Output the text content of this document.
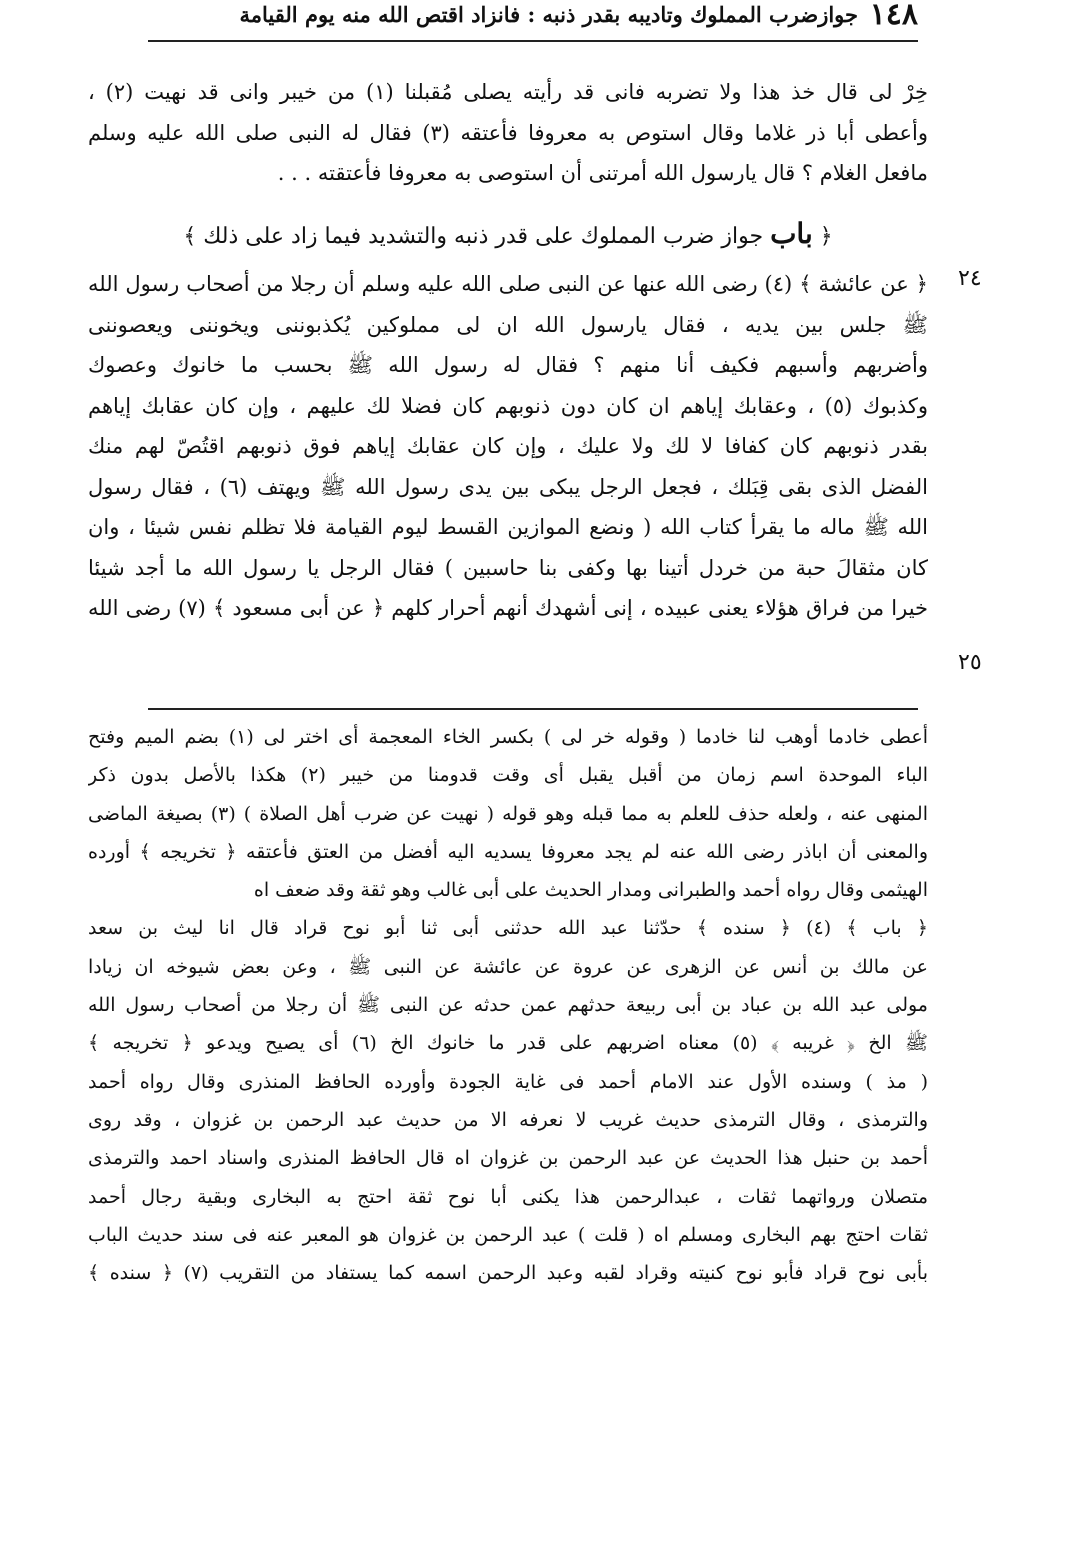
١٤٨
جوازضرب المملوك وتاديبه بقدر ذنبه : فانزاد اقتص الله منه يوم القيامة
خِرْ لى قال خذ هذا ولا تضربه فانى قد رأيته يصلى مُقبلنا (١) من خيبر وانى قد نهيت (٢) ،
وأعطى أبا ذر غلاما وقال استوص به معروفا فأعتقه (٣) فقال له النبى صلى الله عليه وسلم
مافعل الغلام ؟ قال يارسول الله أمرتنى أن استوصى به معروفا فأعتقته . . .
﴿ باب جواز ضرب المملوك على قدر ذنبه والتشديد فيما زاد على ذلك ﴾
٢٤
٢٥
﴿ عن عائشة ﴾ (٤) رضى الله عنها عن النبى صلى الله عليه وسلم أن رجلا من أصحاب رسول الله
ﷺ جلس بين يديه ، فقال يارسول الله ان لى مملوكين يُكذبوننى ويخوننى ويعصوننى
وأضربهم وأسبهم فكيف أنا منهم ؟ فقال له رسول الله ﷺ بحسب ما خانوك وعصوك
وكذبوك (٥) ، وعقابك إياهم ان كان دون ذنوبهم كان فضلا لك عليهم ، وإن كان عقابك إياهم
بقدر ذنوبهم كان كفافا لا لك ولا عليك ، وإن كان عقابك إياهم فوق ذنوبهم اقتُصّ لهم منك
الفضل الذى بقى قِبَلك ، فجعل الرجل يبكى بين يدى رسول الله ﷺ ويهتف (٦) ، فقال رسول
الله ﷺ ماله ما يقرأ كتاب الله ( ونضع الموازين القسط ليوم القيامة فلا تظلم نفس شيئا ، وان
كان مثقالَ حبة من خردل أتينا بها وكفى بنا حاسبين ) فقال الرجل يا رسول الله ما أجد شيئا
خيرا من فراق هؤلاء يعنى عبيده ، إنى أشهدك أنهم أحرار كلهم ﴿ عن أبى مسعود ﴾ (٧) رضى الله
أعطى خادما أوهب لنا خادما ( وقوله خر لى ) بكسر الخاء المعجمة أى اختر لى (١) بضم الميم وفتح
الباء الموحدة اسم زمان من أقبل يقبل أى وقت قدومنا من خيبر (٢) هكذا بالأصل بدون ذكر
المنهى عنه ، ولعله حذف للعلم به مما قبله وهو قوله ( نهيت عن ضرب أهل الصلاة ) (٣) بصيغة الماضى
والمعنى أن اباذر رضى الله عنه لم يجد معروفا يسديه اليه أفضل من العتق فأعتقه ﴿ تخريجه ﴾ أورده
الهيثمى وقال رواه أحمد والطبرانى ومدار الحديث على أبى غالب وهو ثقة وقد ضعف اه
﴿ باب ﴾ (٤) ﴿ سنده ﴾ حدّثنا عبد الله حدثنى أبى ثنا أبو نوح قراد قال انا ليث بن سعد
عن مالك بن أنس عن الزهرى عن عروة عن عائشة عن النبى ﷺ ، وعن بعض شيوخه ان زيادا
مولى عبد الله بن عباد بن أبى ربيعة حدثهم عمن حدثه عن النبى ﷺ أن رجلا من أصحاب رسول الله
ﷺ الخ ﴿ غريبه ﴾ (٥) معناه اضربهم على قدر ما خانوك الخ (٦) أى يصيح ويدعو ﴿ تخريجه ﴾
( مذ ) وسنده الأول عند الامام أحمد فى غاية الجودة وأورده الحافظ المنذرى وقال رواه أحمد
والترمذى ، وقال الترمذى حديث غريب لا نعرفه الا من حديث عبد الرحمن بن غزوان ، وقد روى
أحمد بن حنبل هذا الحديث عن عبد الرحمن بن غزوان اه قال الحافظ المنذرى واسناد احمد والترمذى
متصلان ورواتهما ثقات ، عبدالرحمن هذا يكنى أبا نوح ثقة احتج به البخارى وبقية رجال أحمد
ثقات احتج بهم البخارى ومسلم اه ( قلت ) عبد الرحمن بن غزوان هو المعبر عنه فى سند حديث الباب
بأبى نوح قراد فأبو نوح كنيته وقراد لقبه وعبد الرحمن اسمه كما يستفاد من التقريب (٧) ﴿ سنده ﴾
